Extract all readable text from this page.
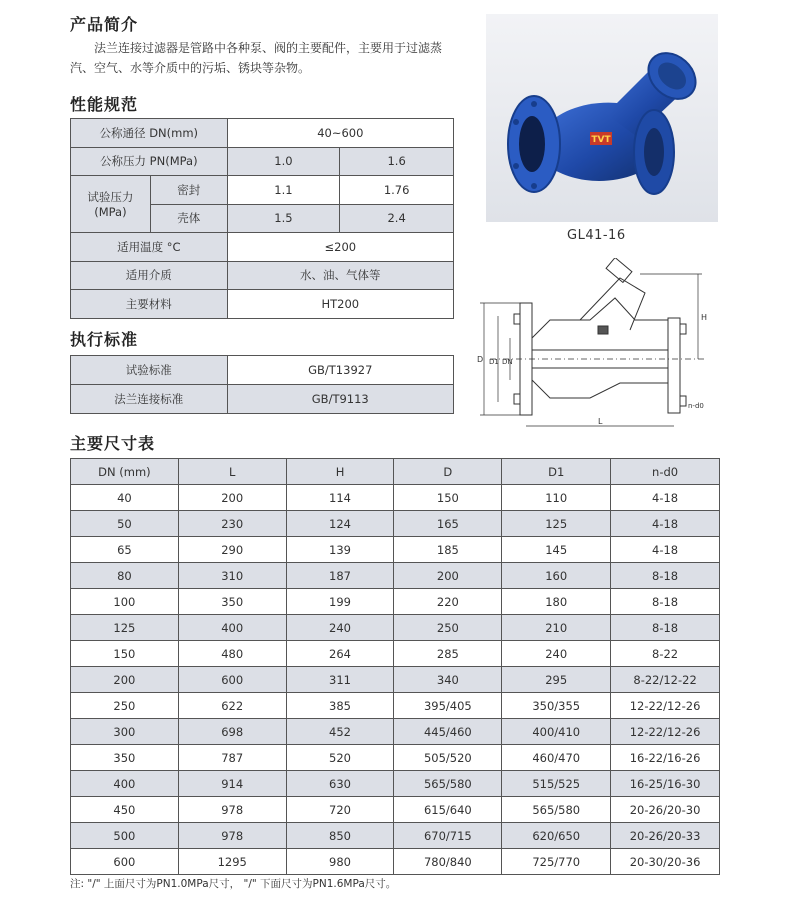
产品简介
法兰连接过滤器是管路中各种泵、阀的主要配件，主要用于过滤蒸汽、空气、水等介质中的污垢、锈块等杂物。
性能规范
公称通径 DN(mm)		40~600	
公称压力 PN(MPa)		1.0	1.6
试验压力
(MPa)	密封	1.1	1.76
	壳体	1.5	2.4
适用温度 °C		≤200	
适用介质		水、油、气体等	
主要材料		HT200	
执行标准
试验标准	GB/T13927
法兰连接标准	GB/T9113
TVT
GL41-16
D D1 DN
H
L
n-d0
主要尺寸表
DN (mm)	L	H	D	D1	n-d0
40	200	114	150	110	4-18
50	230	124	165	125	4-18
65	290	139	185	145	4-18
80	310	187	200	160	8-18
100	350	199	220	180	8-18
125	400	240	250	210	8-18
150	480	264	285	240	8-22
200	600	311	340	295	8-22/12-22
250	622	385	395/405	350/355	12-22/12-26
300	698	452	445/460	400/410	12-22/12-26
350	787	520	505/520	460/470	16-22/16-26
400	914	630	565/580	515/525	16-25/16-30
450	978	720	615/640	565/580	20-26/20-30
500	978	850	670/715	620/650	20-26/20-33
600	1295	980	780/840	725/770	20-30/20-36
注: "/" 上面尺寸为PN1.0MPa尺寸， "/" 下面尺寸为PN1.6MPa尺寸。
